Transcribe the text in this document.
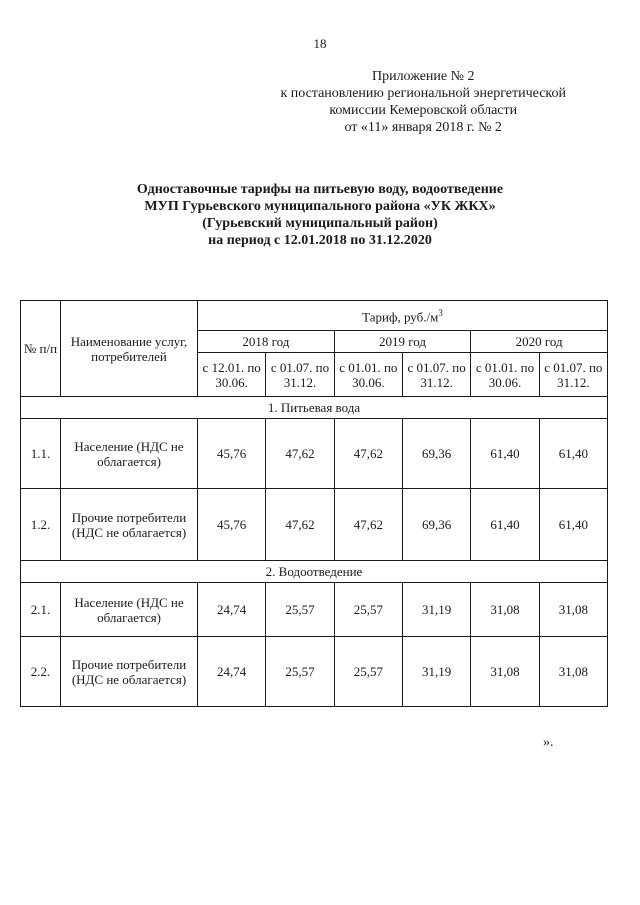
18
Приложение № 2
к постановлению региональной энергетической
комиссии Кемеровской области
от «11» января 2018 г. № 2
Одноставочные тарифы на питьевую воду, водоотведение
МУП Гурьевского муниципального района «УК ЖКХ»
(Гурьевский муниципальный район)
на период с 12.01.2018 по 31.12.2020
№ п/п	Наименование услуг, потребителей	Тариф, $руб./м^3$
		2018 год		2019 год		2020 год	
		с 12.01. по 30.06.	с 01.07. по 31.12.	с 01.01. по 30.06.	с 01.07. по 31.12.	с 01.01. по 30.06.	с 01.07. по 31.12.
1. Питьевая вода							
1.1.	Население (НДС не облагается)	45,76	47,62	47,62	69,36	61,40	61,40
1.2.	Прочие потребители (НДС не облагается)	45,76	47,62	47,62	69,36	61,40	61,40
2. Водоотведение							
2.1.	Население (НДС не облагается)	24,74	25,57	25,57	31,19	31,08	31,08
2.2.	Прочие потребители (НДС не облагается)	24,74	25,57	25,57	31,19	31,08	31,08
».
